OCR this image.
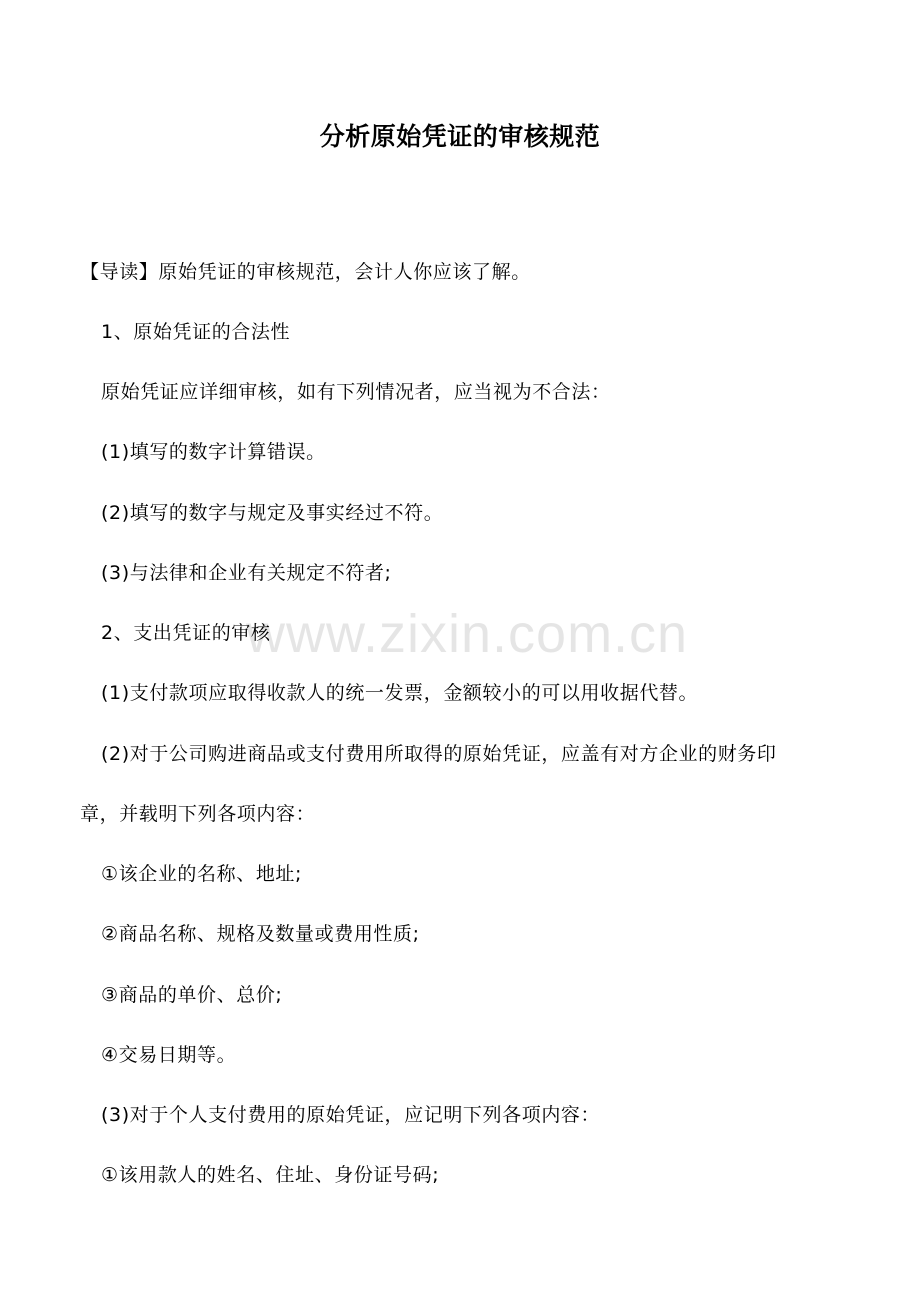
分析原始凭证的审核规范
【导读】原始凭证的审核规范，会计人你应该了解。
1、原始凭证的合法性
原始凭证应详细审核，如有下列情况者，应当视为不合法：
(1)填写的数字计算错误。
(2)填写的数字与规定及事实经过不符。
(3)与法律和企业有关规定不符者;
2、支出凭证的审核
(1)支付款项应取得收款人的统一发票，金额较小的可以用收据代替。
(2)对于公司购进商品或支付费用所取得的原始凭证，应盖有对方企业的财务印
章，并载明下列各项内容：
①该企业的名称、地址;
②商品名称、规格及数量或费用性质;
③商品的单价、总价;
④交易日期等。
(3)对于个人支付费用的原始凭证，应记明下列各项内容：
①该用款人的姓名、住址、身份证号码;
www.zixin.com.cn
